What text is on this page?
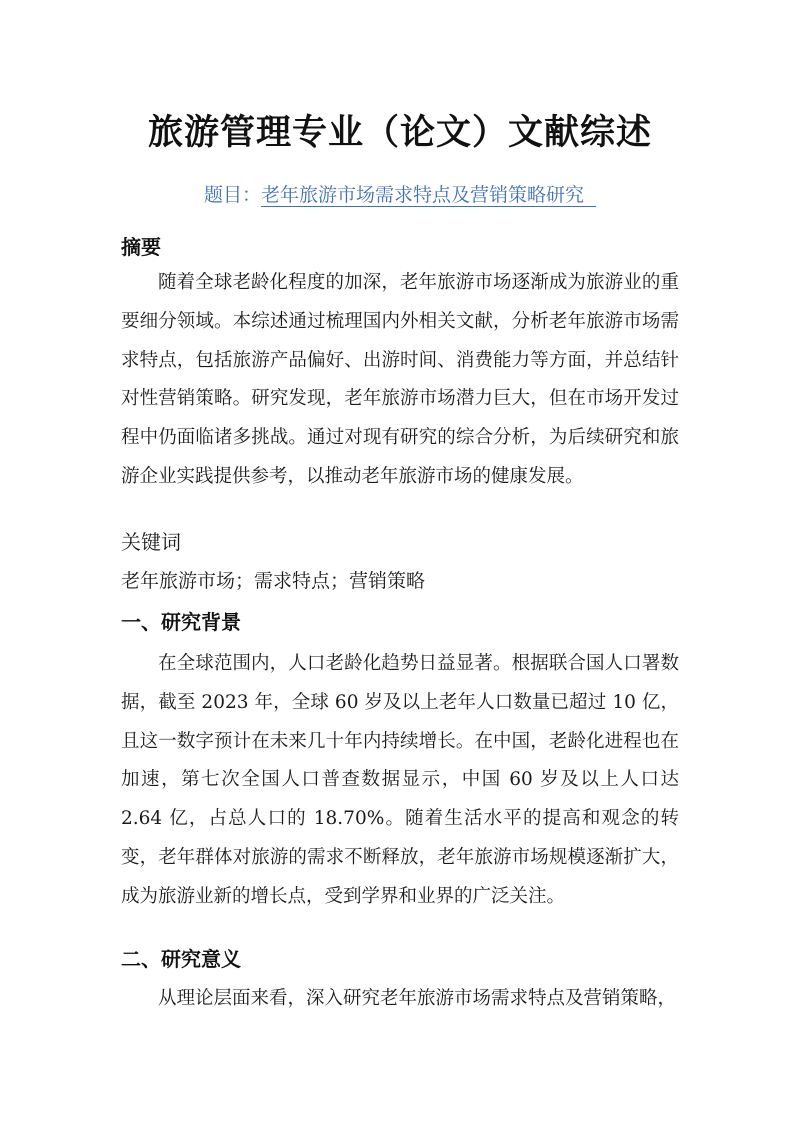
旅游管理专业（论文）文献综述
题目：老年旅游市场需求特点及营销策略研究
摘要
随着全球老龄化程度的加深，老年旅游市场逐渐成为旅游业的重要细分领域。本综述通过梳理国内外相关文献，分析老年旅游市场需求特点，包括旅游产品偏好、出游时间、消费能力等方面，并总结针对性营销策略。研究发现，老年旅游市场潜力巨大，但在市场开发过程中仍面临诸多挑战。通过对现有研究的综合分析，为后续研究和旅游企业实践提供参考，以推动老年旅游市场的健康发展。
关键词
老年旅游市场；需求特点；营销策略
一、研究背景
在全球范围内，人口老龄化趋势日益显著。根据联合国人口署数据，截至 2023 年，全球 60 岁及以上老年人口数量已超过 10 亿，且这一数字预计在未来几十年内持续增长。在中国，老龄化进程也在加速，第七次全国人口普查数据显示，中国 60 岁及以上人口达 2.64 亿，占总人口的 18.70%。随着生活水平的提高和观念的转变，老年群体对旅游的需求不断释放，老年旅游市场规模逐渐扩大，成为旅游业新的增长点，受到学界和业界的广泛关注。
二、研究意义
从理论层面来看，深入研究老年旅游市场需求特点及营销策略，
